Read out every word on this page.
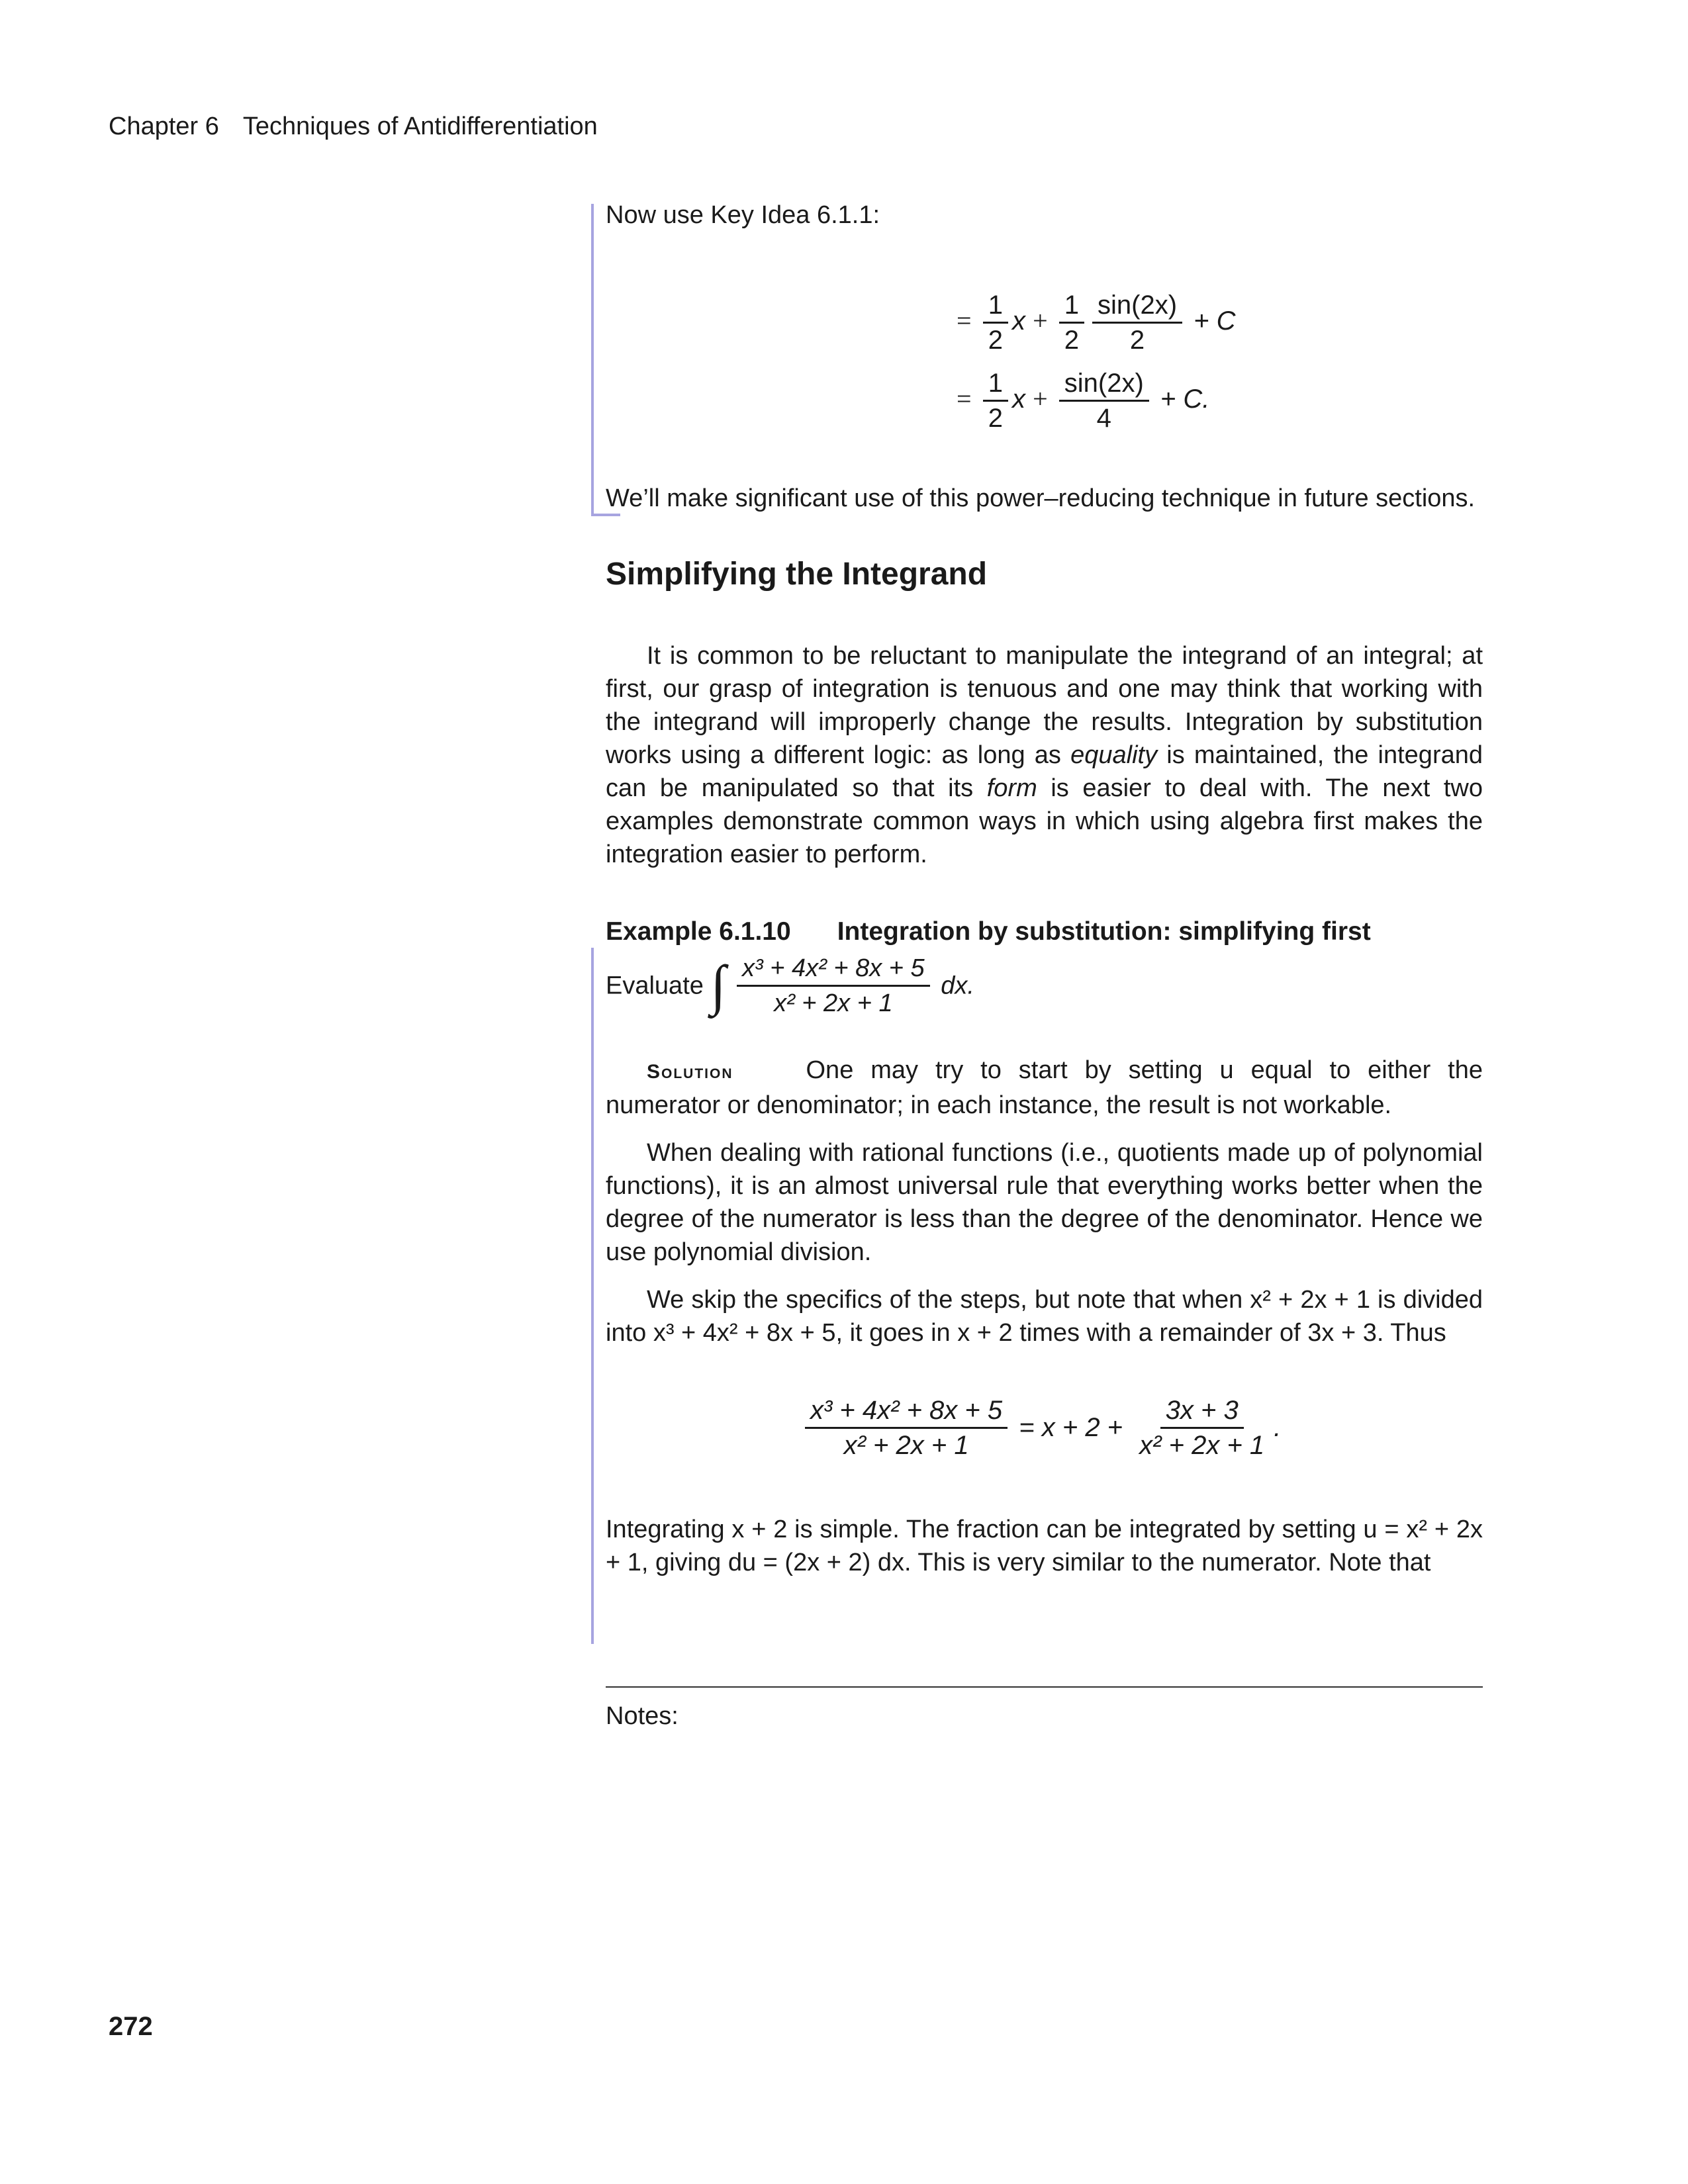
Chapter 6 Techniques of Antidifferentiation
Now use Key Idea 6.1.1:
= $\frac{1}{2}$ $x + \frac{1}{2} \frac{\sin(2x)}{2} + C$
= $\frac{1}{2}$ $x + \frac{\sin(2x)}{4} + C$.
We’ll make significant use of this power–reducing technique in future sections.
Simplifying the Integrand

It is common to be reluctant to manipulate the integrand of an integral; at first, our grasp of integration is tenuous and one may think that working with the integrand will improperly change the results. Integration by substitution works using a different logic: as long as equality is maintained, the integrand can be manipulated so that its form is easier to deal with. The next two examples demonstrate common ways in which using algebra first makes the integration easier to perform.

Example 6.1.10 Integration by substitution: simplifying first
Evaluate ∫ $\frac{\text{x³ + 4x² + 8x + 5}}{\text{x² + 2x + 1}}$ dx.

Solution	One may try to start by setting u equal to either the numerator or denominator; in each instance, the result is not workable.

When dealing with rational functions (i.e., quotients made up of polynomial functions), it is an almost universal rule that everything works better when the degree of the numerator is less than the degree of the denominator. Hence we use polynomial division.

We skip the specifics of the steps, but note that when x² + 2x + 1 is divided into x³ + 4x² + 8x + 5, it goes in x + 2 times with a remainder of 3x + 3. Thus

$\frac{\text{x³ + 4x² + 8x + 5}}{\text{x² + 2x + 1}} = x + 2 + \frac{3x + 3}{\text{x² + 2x + 1}}$ .

Integrating x + 2 is simple. The fraction can be integrated by setting u = x² + 2x + 1, giving du = (2x + 2) dx. This is very similar to the numerator. Note that

Notes:
272
